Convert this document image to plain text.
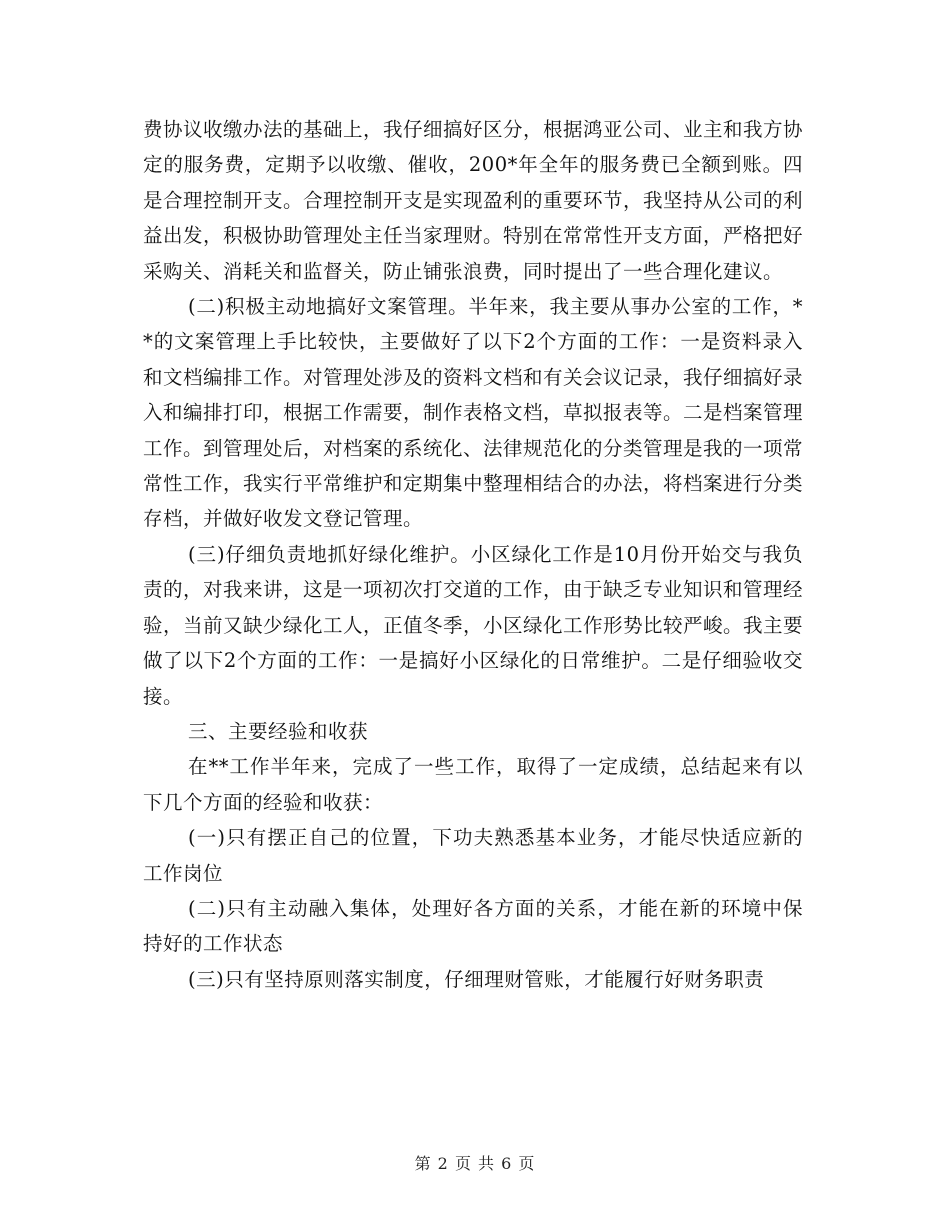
费协议收缴办法的基础上，我仔细搞好区分，根据鸿亚公司、业主和我方协定的服务费，定期予以收缴、催收，200*年全年的服务费已全额到账。四是合理控制开支。合理控制开支是实现盈利的重要环节，我坚持从公司的利益出发，积极协助管理处主任当家理财。特别在常常性开支方面，严格把好采购关、消耗关和监督关，防止铺张浪费，同时提出了一些合理化建议。

(二)积极主动地搞好文案管理。半年来，我主要从事办公室的工作，**的文案管理上手比较快，主要做好了以下2个方面的工作：一是资料录入和文档编排工作。对管理处涉及的资料文档和有关会议记录，我仔细搞好录入和编排打印，根据工作需要，制作表格文档，草拟报表等。二是档案管理工作。到管理处后，对档案的系统化、法律规范化的分类管理是我的一项常常性工作，我实行平常维护和定期集中整理相结合的办法，将档案进行分类存档，并做好收发文登记管理。

(三)仔细负责地抓好绿化维护。小区绿化工作是10月份开始交与我负责的，对我来讲，这是一项初次打交道的工作，由于缺乏专业知识和管理经验，当前又缺少绿化工人，正值冬季，小区绿化工作形势比较严峻。我主要做了以下2个方面的工作：一是搞好小区绿化的日常维护。二是仔细验收交接。

三、主要经验和收获

在**工作半年来，完成了一些工作，取得了一定成绩，总结起来有以下几个方面的经验和收获：

(一)只有摆正自己的位置，下功夫熟悉基本业务，才能尽快适应新的工作岗位

(二)只有主动融入集体，处理好各方面的关系，才能在新的环境中保持好的工作状态

(三)只有坚持原则落实制度，仔细理财管账，才能履行好财务职责

第 2 页 共 6 页
